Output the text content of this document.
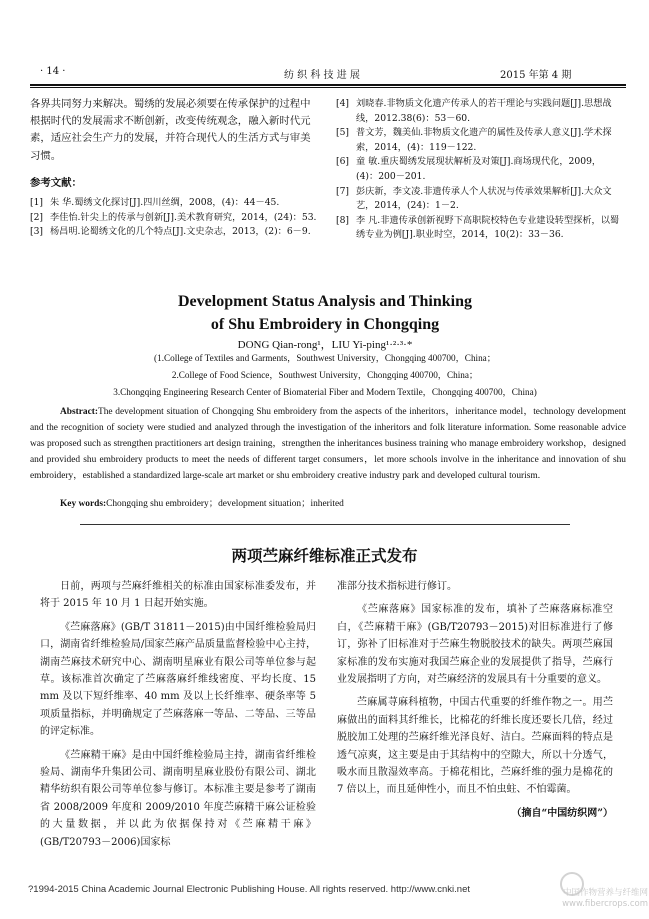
· 14 ·	纺 织 科 技 进 展	2015 年第 4 期
各界共同努力来解决。蜀绣的发展必须要在传承保护的过程中根据时代的发展需求不断创新，改变传统观念，融入新时代元素，适应社会生产力的发展，并符合现代人的生活方式与审美习惯。
参考文献：
[1] 朱 华.蜀绣文化探讨[J].四川丝绸，2008，(4)：44－45.
[2] 李佳怡.针尖上的传承与创新[J].美术教育研究，2014，(24)：53.
[3] 杨昌明.论蜀绣文化的几个特点[J].文史杂志，2013，(2)：6－9.
[4] 刘晓春.非物质文化遗产传承人的若干理论与实践问题[J].思想战线，2012.38(6)：53－60.
[5] 普文芳，魏美仙.非物质文化遗产的属性及传承人意义[J].学术探索，2014，(4)：119－122.
[6] 童 敏.重庆蜀绣发展现状解析及对策[J].商场现代化，2009，(4)：200－201.
[7] 彭庆新，李文凌.非遗传承人个人状况与传承效果解析[J].大众文艺，2014，(24)：1－2.
[8] 李 凡.非遗传承创新视野下高职院校特色专业建设转型探析，以蜀绣专业为例[J].职业时空，2014，10(2)：33－36.
Development Status Analysis and Thinking
of Shu Embroidery in Chongqing
DONG Qian-rong¹，LIU Yi-ping¹·²·³·*
(1.College of Textiles and Garments，Southwest University，Chongqing 400700，China；
2.College of Food Science，Southwest University，Chongqing 400700，China；
3.Chongqing Engineering Research Center of Biomaterial Fiber and Modern Textile，Chongqing 400700，China)
Abstract:The development situation of Chongqing Shu embroidery from the aspects of the inheritors，inheritance model，technology development and the recognition of society were studied and analyzed through the investigation of the inheritors and folk literature information. Some reasonable advice was proposed such as strengthen practitioners art design training，strengthen the inheritances business training who manage embroidery workshop，designed and provided shu embroidery products to meet the needs of different target consumers，let more schools involve in the inheritance and innovation of shu embroidery，established a standardized large-scale art market or shu embroidery creative industry park and developed cultural tourism.
Key words:Chongqing shu embroidery；development situation；inherited
两项苎麻纤维标准正式发布

日前，两项与苎麻纤维相关的标准由国家标准委发布，并将于 2015 年 10 月 1 日起开始实施。

《苎麻落麻》(GB/T 31811－2015)由中国纤维检验局归口，湖南省纤维检验局/国家苎麻产品质量监督检验中心主持，湖南苎麻技术研究中心、湖南明星麻业有限公司等单位参与起草。该标准首次确定了苎麻落麻纤维线密度、平均长度、15 mm 及以下短纤维率、40 mm 及以上长纤维率、硬条率等 5 项质量指标，并明确规定了苎麻落麻一等品、二等品、三等品的评定标准。

《苎麻精干麻》是由中国纤维检验局主持，湖南省纤维检验局、湖南华升集团公司、湖南明星麻业股份有限公司、湖北精华纺织有限公司等单位参与修订。本标准主要是参考了湖南省 2008/2009 年度和 2009/2010 年度苎麻精干麻公证检验的大量数据，并以此为依据保持对《苎麻精干麻》(GB/T20793－2006)国家标

准部分技术指标进行修订。

《苎麻落麻》国家标准的发布，填补了苎麻落麻标准空白，《苎麻精干麻》(GB/T20793－2015)对旧标准进行了修订，弥补了旧标准对于苎麻生物脱胶技术的缺失。两项苎麻国家标准的发布实施对我国苎麻企业的发展提供了指导，苎麻行业发展指明了方向，对苎麻经济的发展具有十分重要的意义。

苎麻属荨麻科植物，中国古代重要的纤维作物之一。用苎麻做出的面料其纤维长，比棉花的纤维长度还要长几倍，经过脱胶加工处理的苎麻纤维光泽良好、洁白。苎麻面料的特点是透气凉爽，这主要是由于其结构中的空隙大，所以十分透气，吸水而且散湿效率高。于棉花相比，苎麻纤维的强力是棉花的 7 倍以上，而且延伸性小，而且不怕虫蛀、不怕霉菌。

（摘自“中国纺织网”）
?1994-2015 China Academic Journal Electronic Publishing House. All rights reserved. http://www.cnki.net	中国作物营养与纤维网
www.fibercrops.com
